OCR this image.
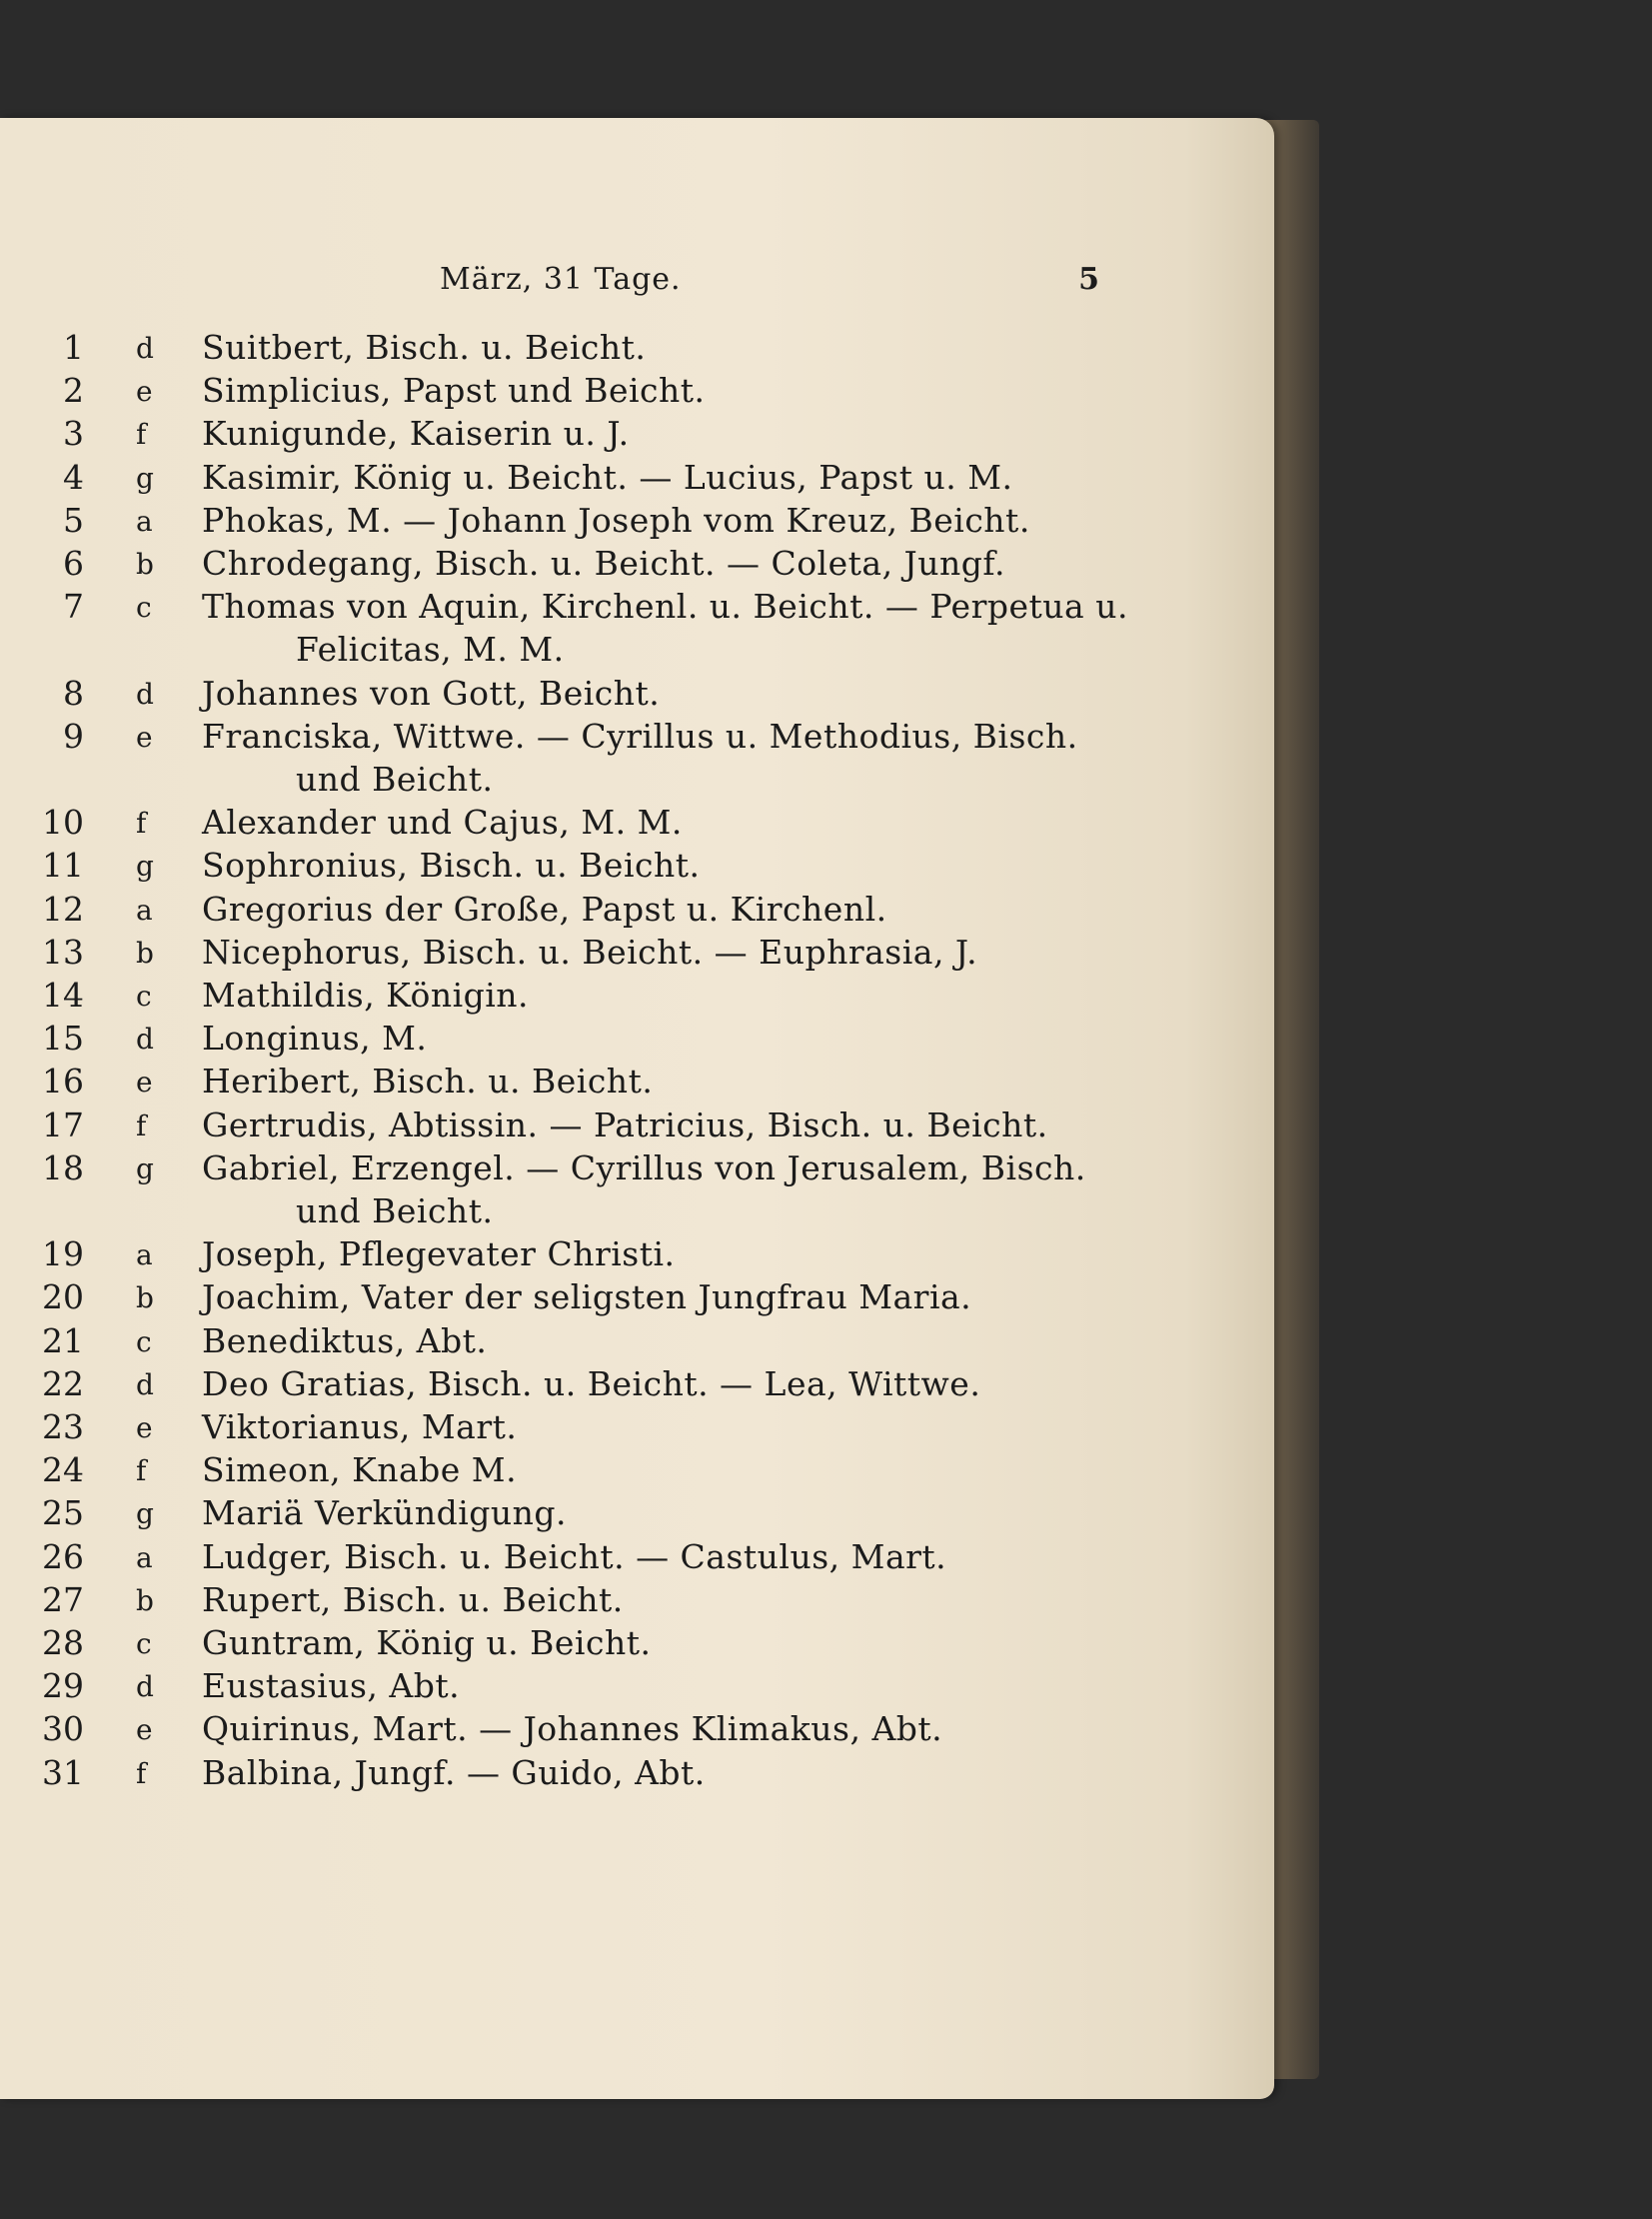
März, 31 Tage.	5
1 d Suitbert, Bisch. u. Beicht.
2 e Simplicius, Papst und Beicht.
3 f Kunigunde, Kaiserin u. J.
4 g Kasimir, König u. Beicht. — Lucius, Papst u. M.
5 a Phokas, M. — Johann Joseph vom Kreuz, Beicht.
6 b Chrodegang, Bisch. u. Beicht. — Coleta, Jungf.
7 c Thomas von Aquin, Kirchenl. u. Beicht. — Perpetua u.
Felicitas, M. M.
8 d Johannes von Gott, Beicht.
9 e Franciska, Wittwe. — Cyrillus u. Methodius, Bisch.
und Beicht.
10 f Alexander und Cajus, M. M.
11 g Sophronius, Bisch. u. Beicht.
12 a Gregorius der Große, Papst u. Kirchenl.
13 b Nicephorus, Bisch. u. Beicht. — Euphrasia, J.
14 c Mathildis, Königin.
15 d Longinus, M.
16 e Heribert, Bisch. u. Beicht.
17 f Gertrudis, Abtissin. — Patricius, Bisch. u. Beicht.
18 g Gabriel, Erzengel. — Cyrillus von Jerusalem, Bisch.
und Beicht.
19 a Joseph, Pflegevater Christi.
20 b Joachim, Vater der seligsten Jungfrau Maria.
21 c Benediktus, Abt.
22 d Deo Gratias, Bisch. u. Beicht. — Lea, Wittwe.
23 e Viktorianus, Mart.
24 f Simeon, Knabe M.
25 g Mariä Verkündigung.
26 a Ludger, Bisch. u. Beicht. — Castulus, Mart.
27 b Rupert, Bisch. u. Beicht.
28 c Guntram, König u. Beicht.
29 d Eustasius, Abt.
30 e Quirinus, Mart. — Johannes Klimakus, Abt.
31 f Balbina, Jungf. — Guido, Abt.
